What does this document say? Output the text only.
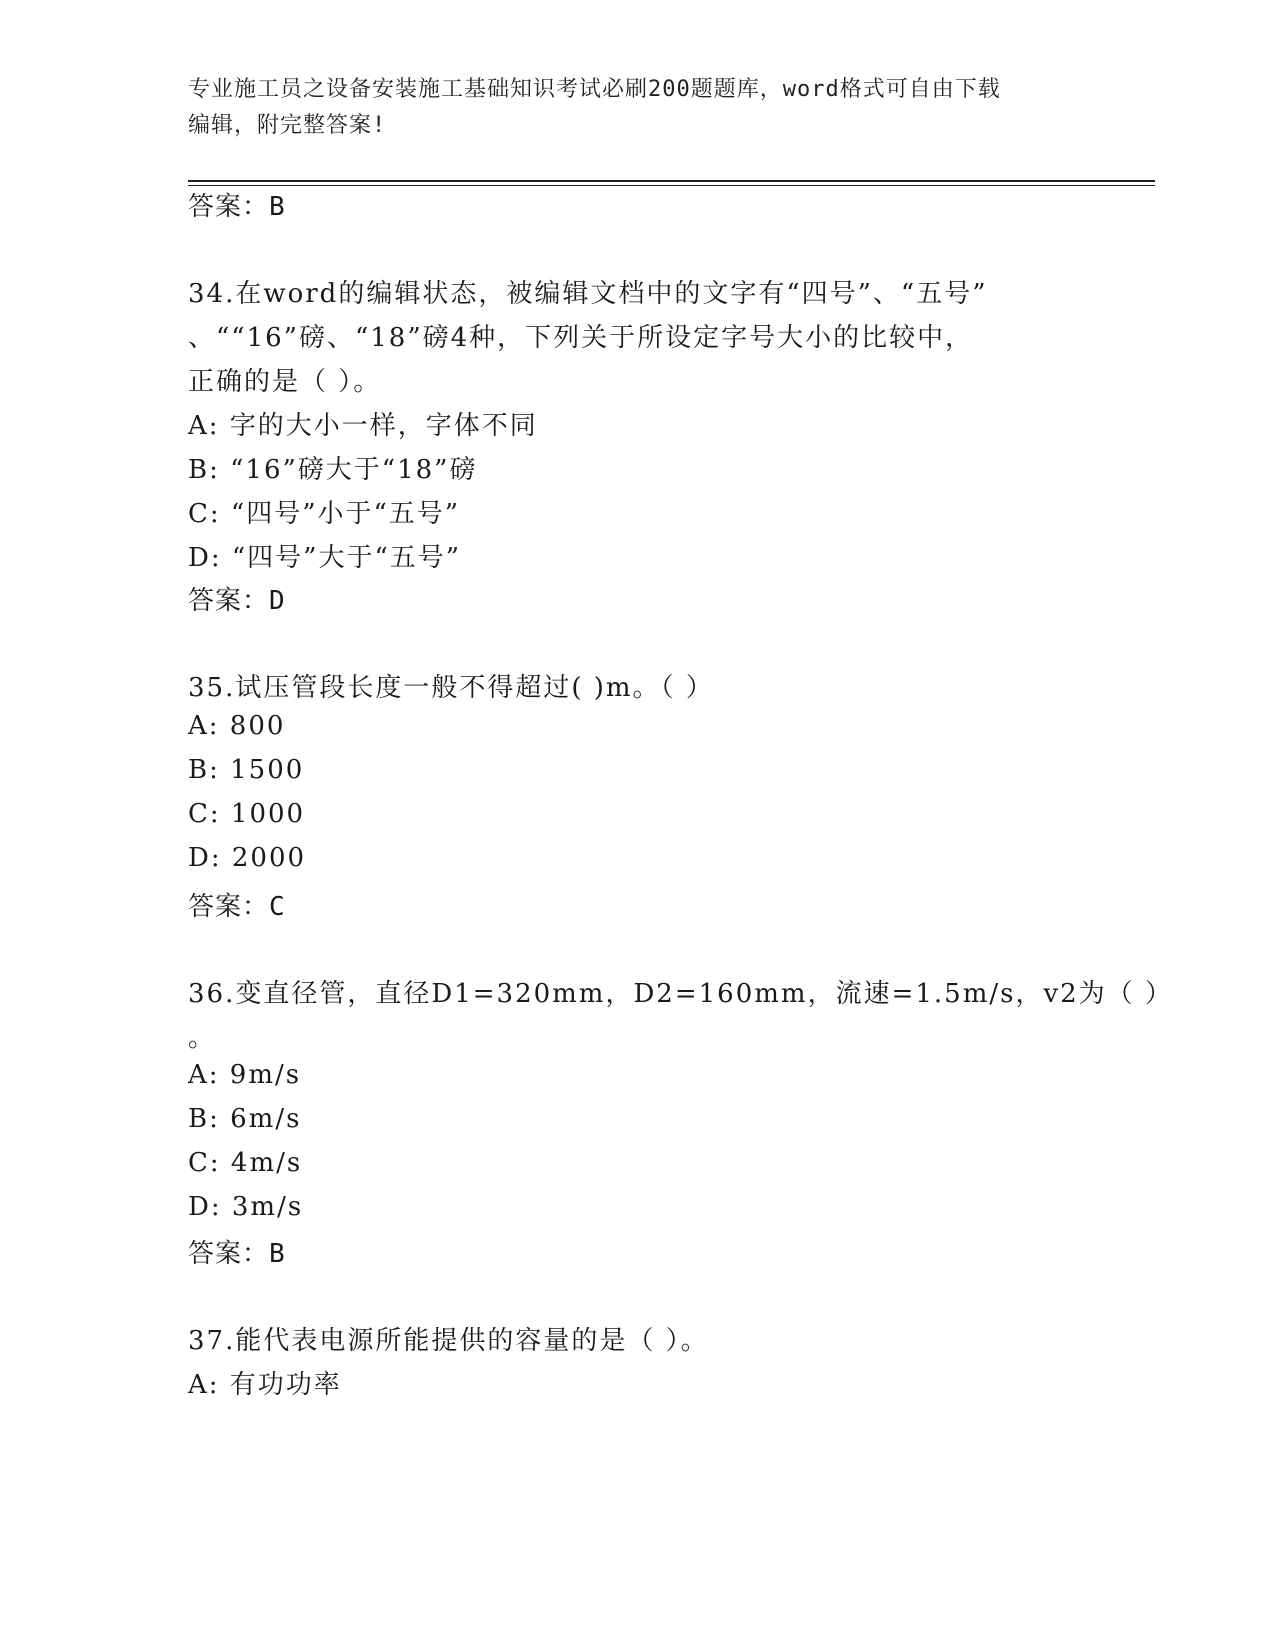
专业施工员之设备安装施工基础知识考试必刷200题题库，word格式可自由下载
编辑，附完整答案!
答案：B
34.在word的编辑状态，被编辑文档中的文字有“四号”、“五号”
、““16”磅、“18”磅4种，下列关于所设定字号大小的比较中，
正确的是（ ）。
A: 字的大小一样，字体不同
B: “16”磅大于“18”磅
C: “四号”小于“五号”
D: “四号”大于“五号”
答案：D
35.试压管段长度一般不得超过( )m。（ ）
A: 800
B: 1500
C: 1000
D: 2000
答案：C
36.变直径管，直径D1=320mm，D2=160mm，流速=1.5m/s，v2为（ ）
。
A: 9m/s
B: 6m/s
C: 4m/s
D: 3m/s
答案：B
37.能代表电源所能提供的容量的是（ ）。
A: 有功功率
